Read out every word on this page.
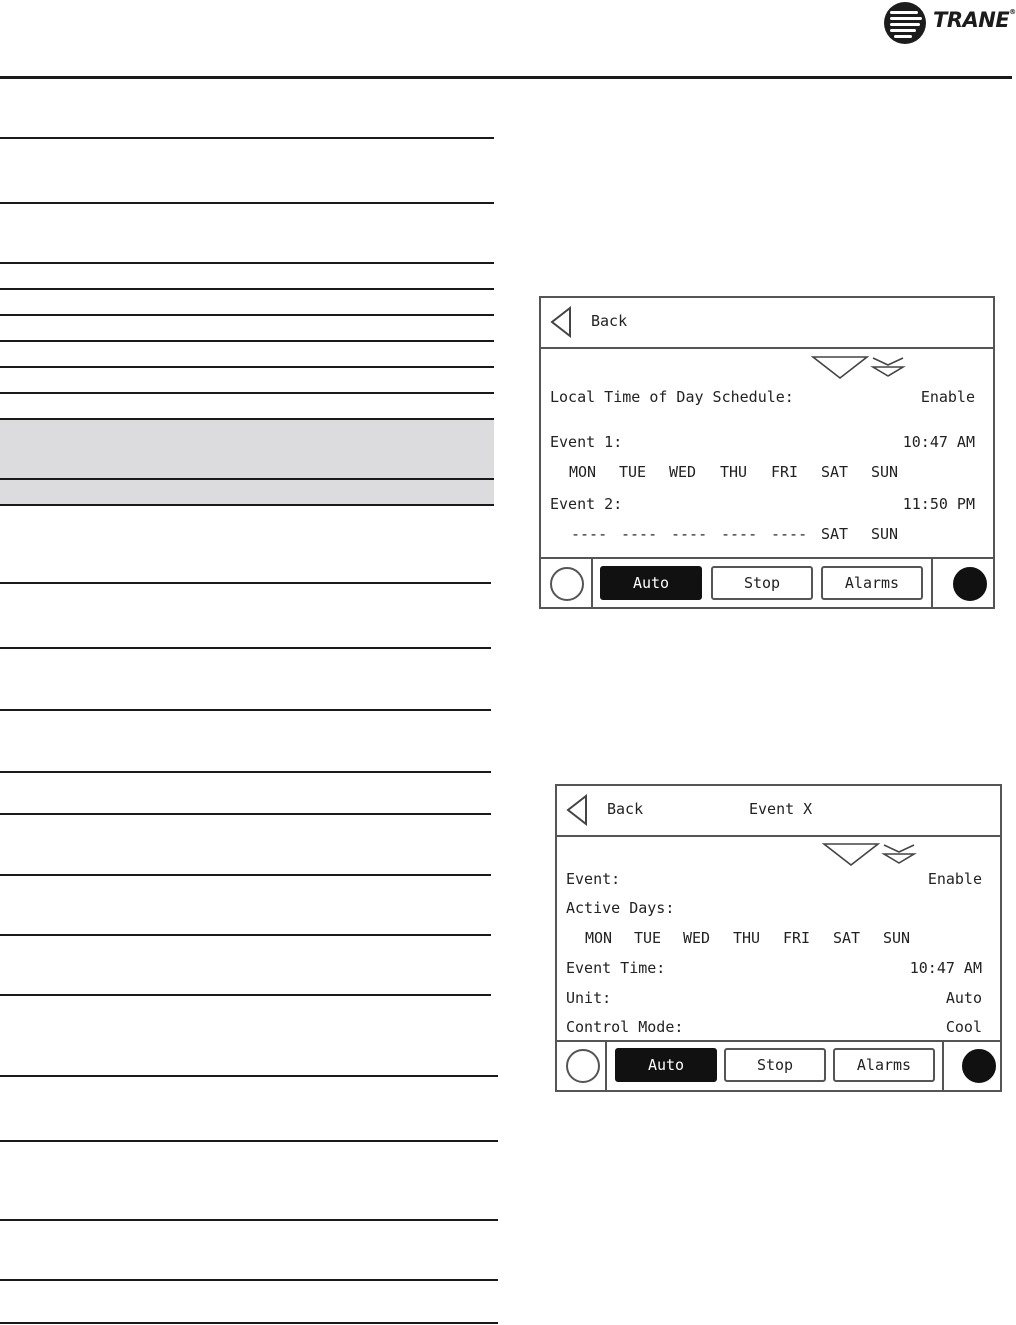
TRANE®
Back
Local Time of Day Schedule:	Enable
Event 1:	10:47 AM
MON	TUE	WED	THU	FRI	SAT	SUN
Event 2:	11:50 PM
---- ---- ---- ---- ---- SAT	SUN
Auto	Stop	Alarms
Back	Event X
Event:	Enable
Active Days:
MON	TUE	WED	THU	FRI	SAT	SUN
Event Time:	10:47 AM
Unit:	Auto
Control Mode:	Cool
Auto	Stop	Alarms
